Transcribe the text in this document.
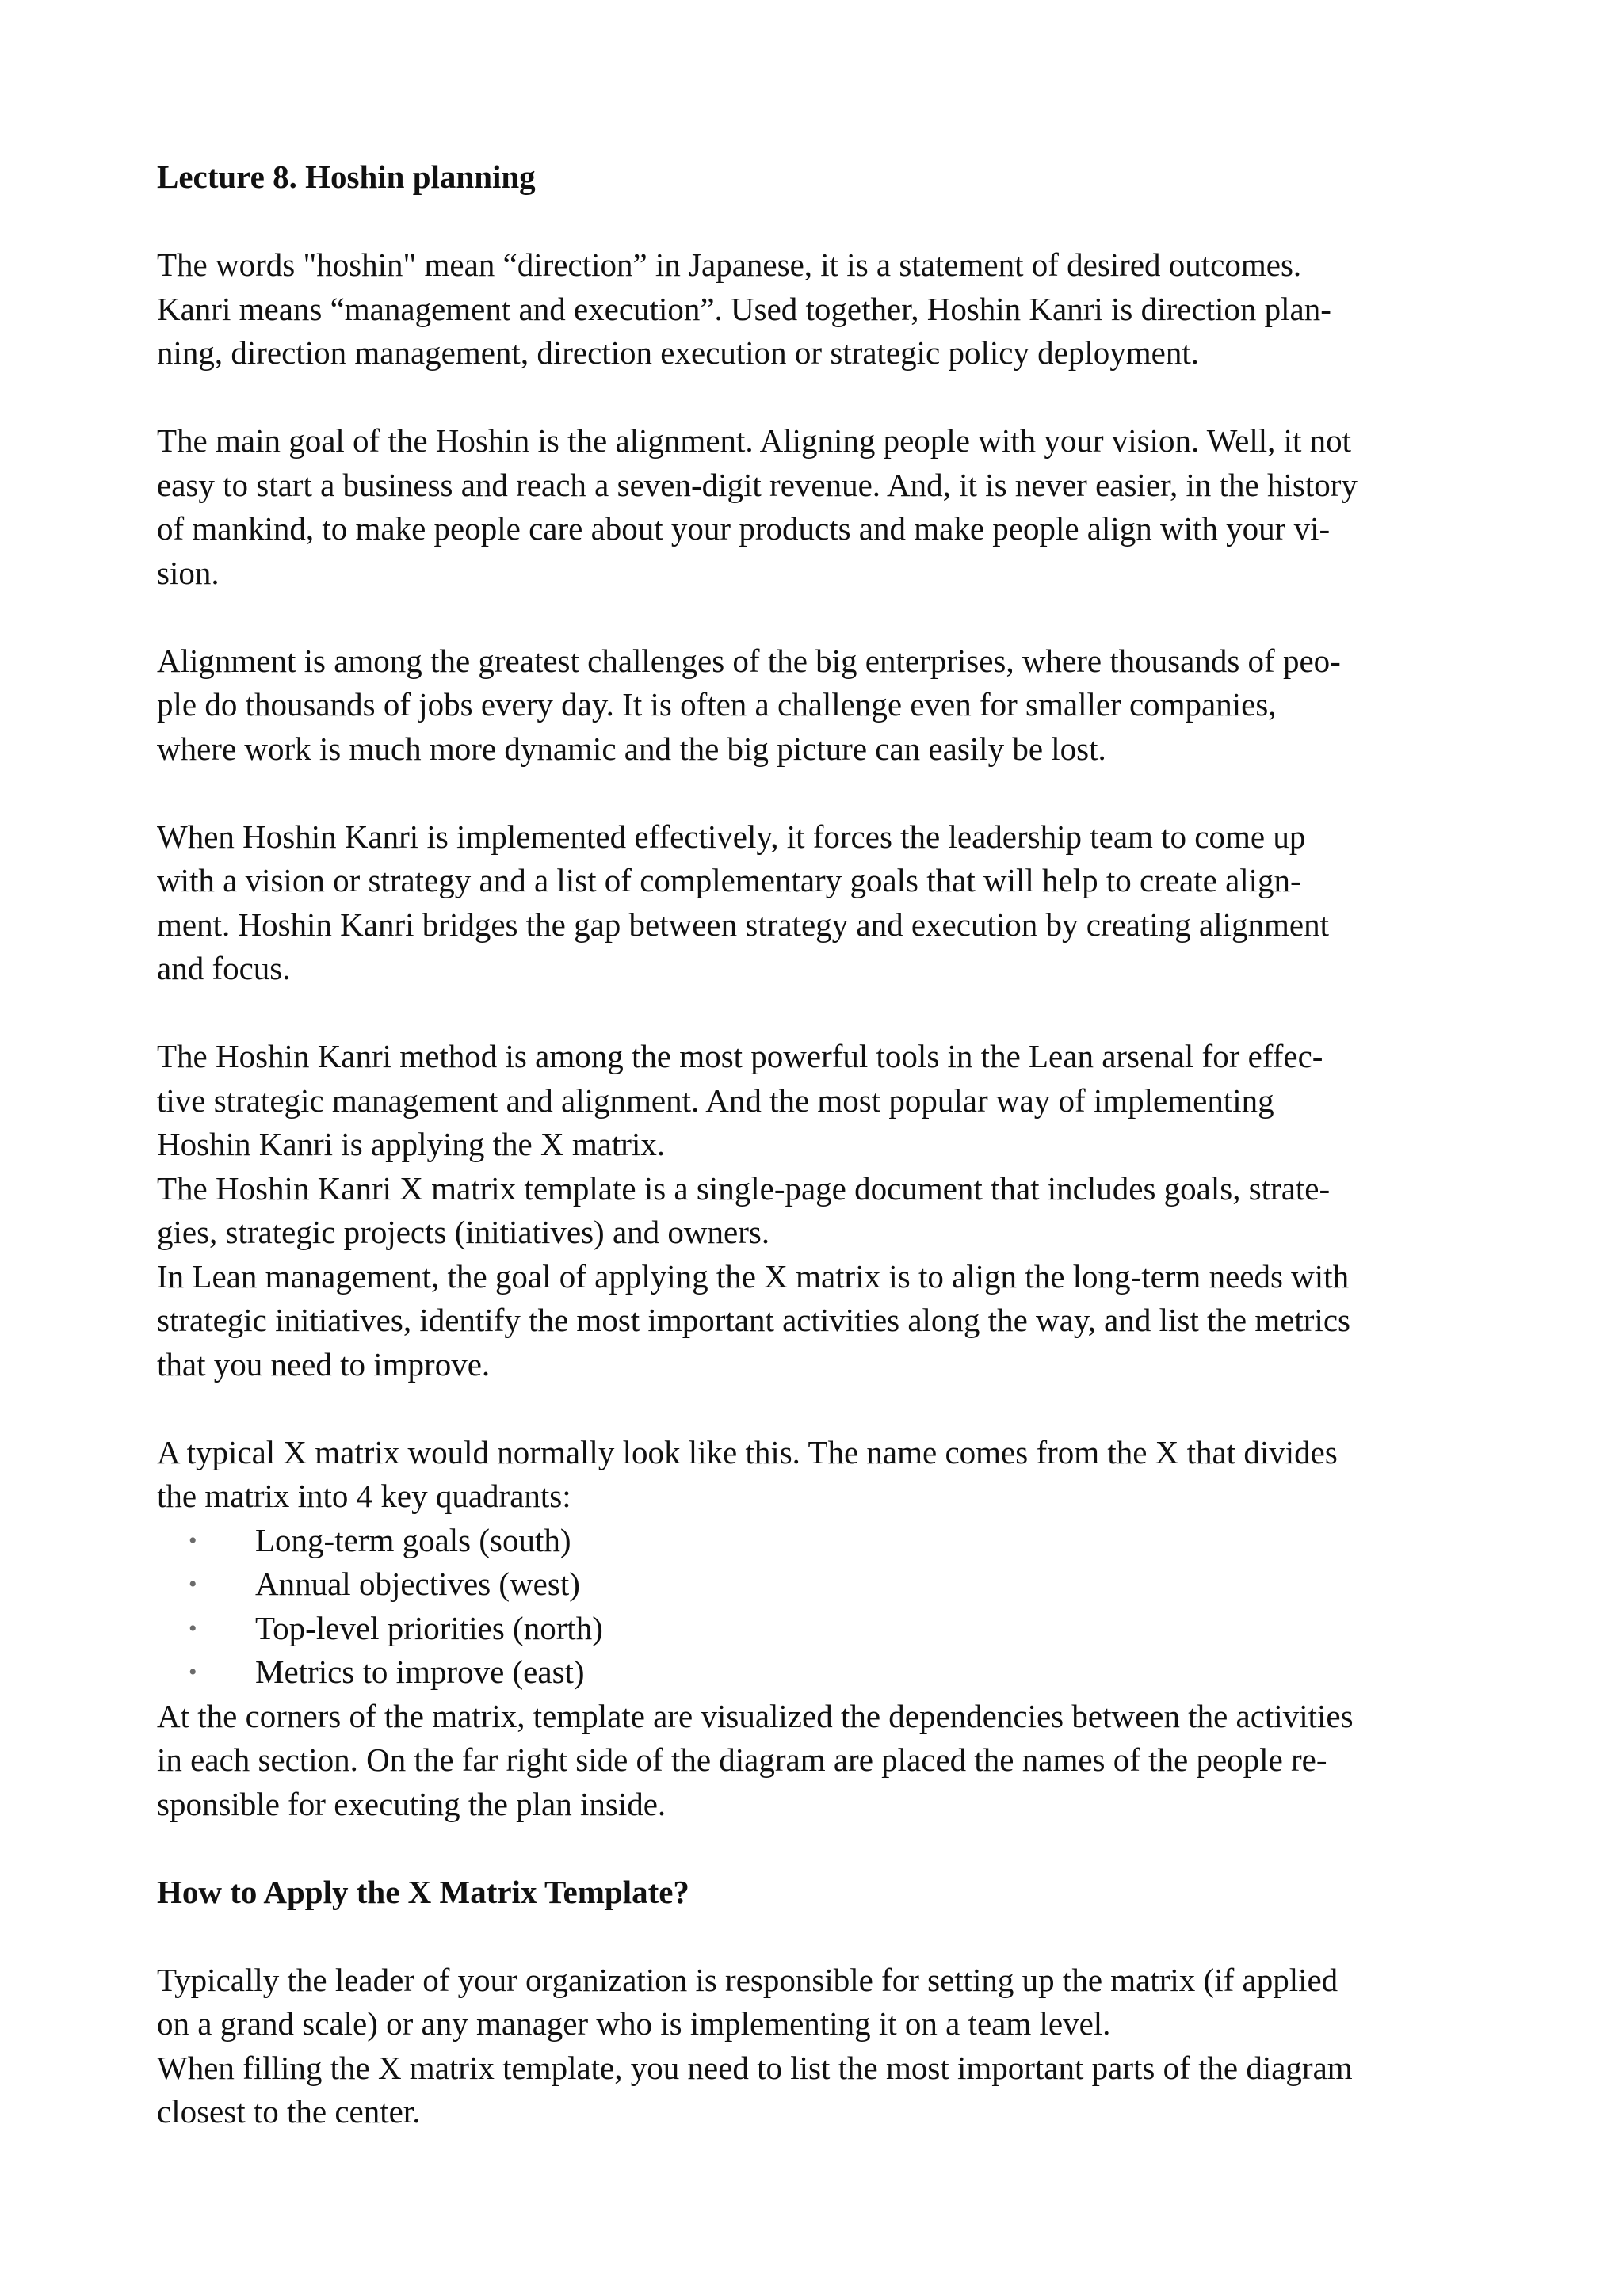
Lecture 8. Hoshin planning
The words "hoshin" mean “direction” in Japanese, it is a statement of desired outcomes.
Kanri means “management and execution”. Used together, Hoshin Kanri is direction plan-
ning, direction management, direction execution or strategic policy deployment.
The main goal of the Hoshin is the alignment. Aligning people with your vision. Well, it not
easy to start a business and reach a seven-digit revenue. And, it is never easier, in the history
of mankind, to make people care about your products and make people align with your vi-
sion.
Alignment is among the greatest challenges of the big enterprises, where thousands of peo-
ple do thousands of jobs every day. It is often a challenge even for smaller companies,
where work is much more dynamic and the big picture can easily be lost.
When Hoshin Kanri is implemented effectively, it forces the leadership team to come up
with a vision or strategy and a list of complementary goals that will help to create align-
ment. Hoshin Kanri bridges the gap between strategy and execution by creating alignment
and focus.
The Hoshin Kanri method is among the most powerful tools in the Lean arsenal for effec-
tive strategic management and alignment. And the most popular way of implementing
Hoshin Kanri is applying the X matrix.
The Hoshin Kanri X matrix template is a single-page document that includes goals, strate-
gies, strategic projects (initiatives) and owners.
In Lean management, the goal of applying the X matrix is to align the long-term needs with
strategic initiatives, identify the most important activities along the way, and list the metrics
that you need to improve.
A typical X matrix would normally look like this. The name comes from the X that divides
the matrix into 4 key quadrants:
• Long-term goals (south)
• Annual objectives (west)
• Top-level priorities (north)
• Metrics to improve (east)
At the corners of the matrix, template are visualized the dependencies between the activities
in each section. On the far right side of the diagram are placed the names of the people re-
sponsible for executing the plan inside.
How to Apply the X Matrix Template?
Typically the leader of your organization is responsible for setting up the matrix (if applied
on a grand scale) or any manager who is implementing it on a team level.
When filling the X matrix template, you need to list the most important parts of the diagram
closest to the center.
